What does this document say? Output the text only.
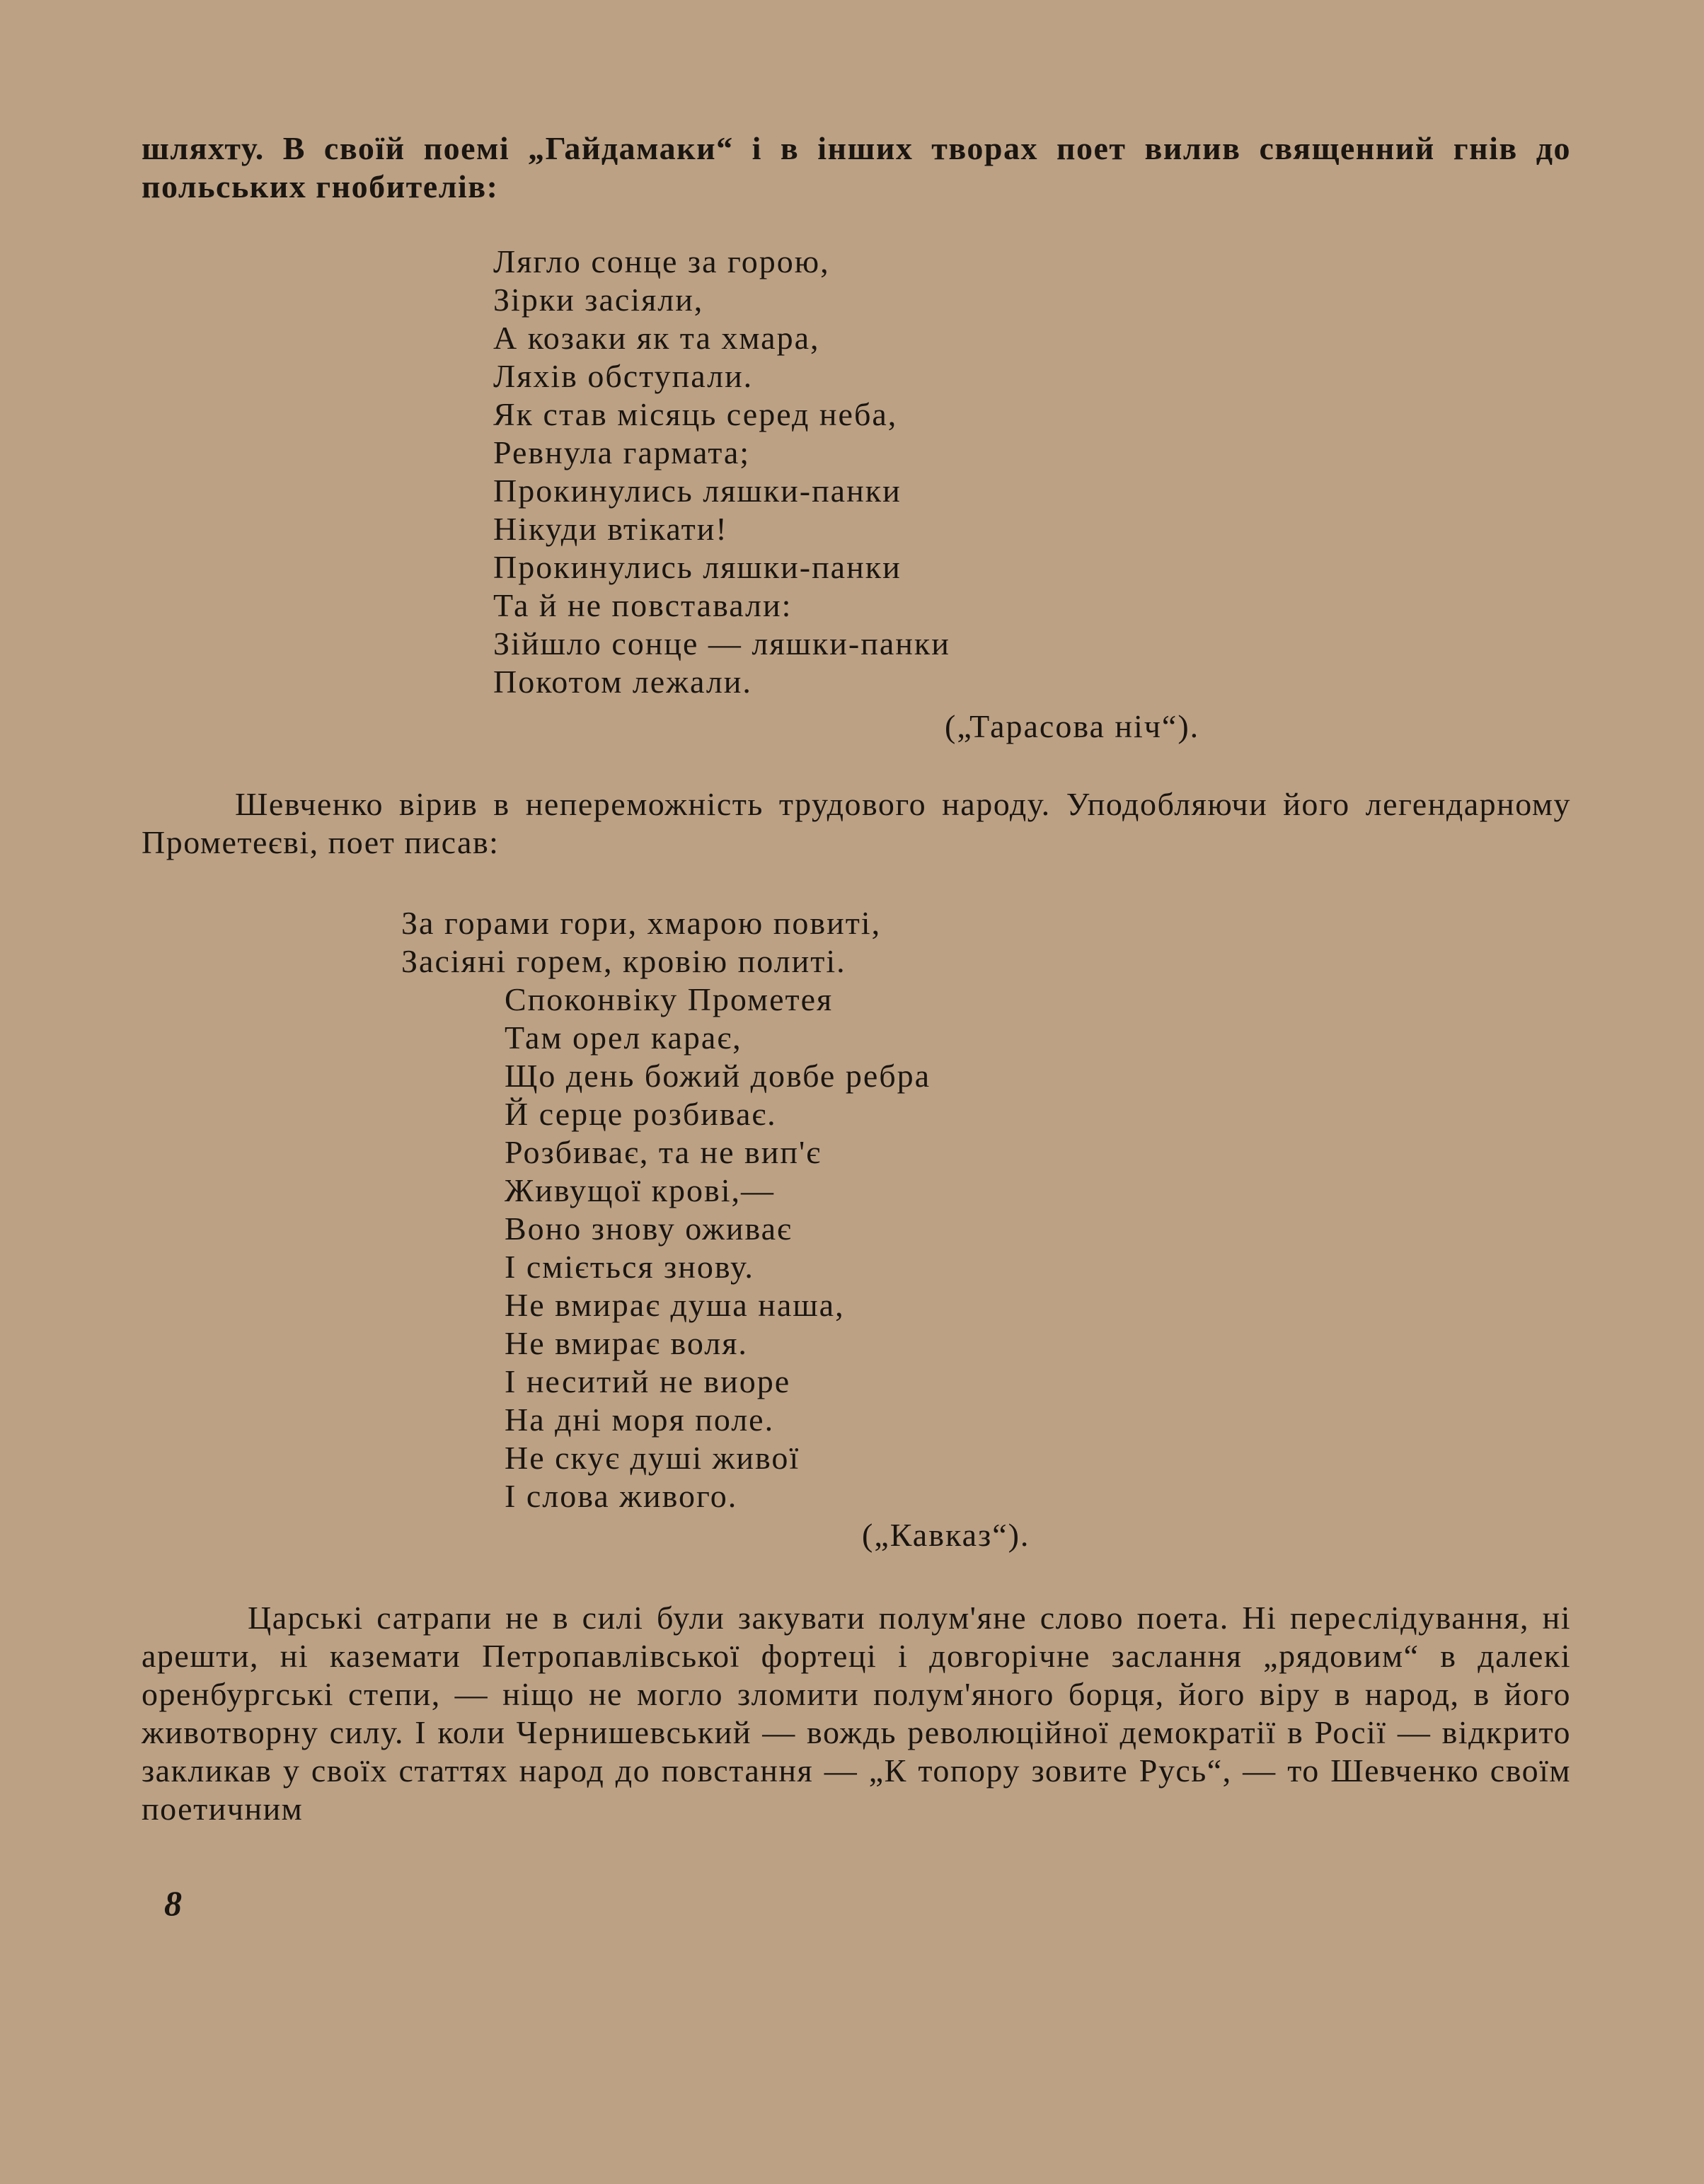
шляхту. В своїй поемі „Гайдамаки“ і в інших творах поет вилив священний гнів до польських гнобителів:

Лягло сонце за горою,
Зірки засіяли,
А козаки як та хмара,
Ляхів обступали.
Як став місяць серед неба,
Ревнула гармата;
Прокинулись ляшки-панки
Нікуди втікати!
Прокинулись ляшки-панки
Та й не повставали:
Зійшло сонце — ляшки-панки
Покотом лежали.
(„Тарасова ніч“).

Шевченко вірив в непереможність трудового народу. Уподобляючи його легендарному Прометеєві, поет писав:

За горами гори, хмарою повиті,
Засіяні горем, кровію политі.
Споконвіку Прометея
Там орел карає,
Що день божий довбе ребра
Й серце розбиває.
Розбиває, та не вип'є
Живущої крові,—
Воно знову оживає
І сміється знову.
Не вмирає душа наша,
Не вмирає воля.
І неситий не виоре
На дні моря поле.
Не скує душі живої
І слова живого.
(„Кавказ“).

Царські сатрапи не в силі були закувати полум'яне слово поета. Ні переслідування, ні арешти, ні каземати Петропавлівської фортеці і довгорічне заслання „рядовим“ в далекі оренбургські степи, — ніщо не могло зломити полум'яного борця, його віру в народ, в його животворну силу. І коли Чернишевський — вождь революційної демократії в Росії — відкрито закликав у своїх статтях народ до повстання — „К топору зовите Русь“, — то Шевченко своїм поетичним

8
